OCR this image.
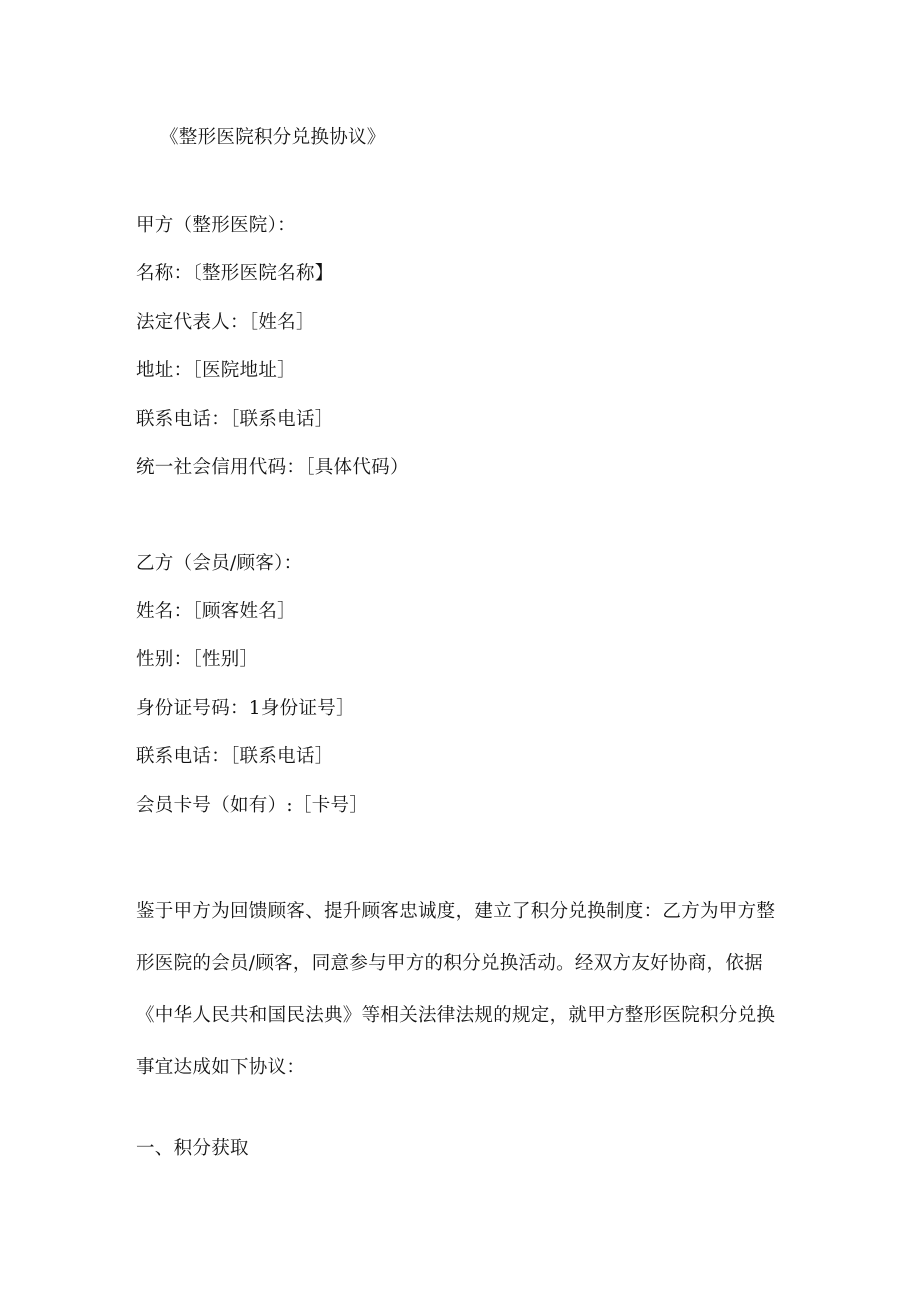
《整形医院积分兑换协议》
甲方（整形医院）：
名称：〔整形医院名称】
法定代表人：［姓名］
地址：［医院地址］
联系电话：［联系电话］
统一社会信用代码：［具体代码）
乙方（会员/顾客）：
姓名：［顾客姓名］
性别：［性别］
身份证号码：1身份证号］
联系电话：［联系电话］
会员卡号（如有）:［卡号］
鉴于甲方为回馈顾客、提升顾客忠诚度，建立了积分兑换制度：乙方为甲方整
形医院的会员/顾客，同意参与甲方的积分兑换活动。经双方友好协商，依据
《中华人民共和国民法典》等相关法律法规的规定，就甲方整形医院积分兑换
事宜达成如下协议：
一、积分获取
